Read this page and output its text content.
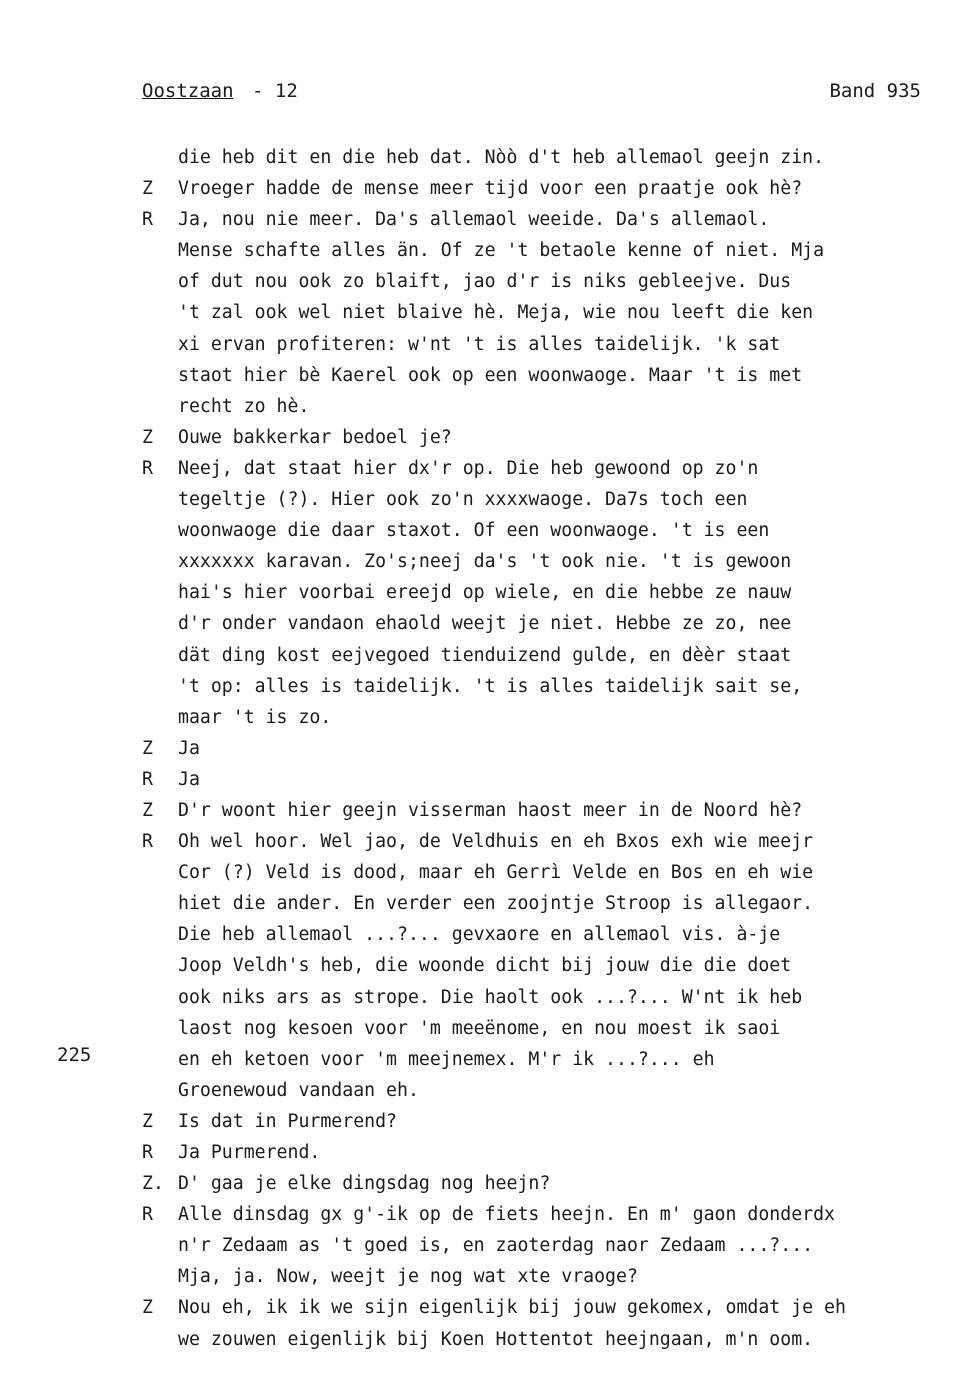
Oostzaan - 12	Band 935
225
die heb dit en die heb dat. Nòò d't heb allemaol geejn zin.
Z	Vroeger hadde de mense meer tijd voor een praatje ook hè?
R	Ja, nou nie meer. Da's allemaol weeide. Da's allemaol.
Mense schafte alles än. Of ze 't betaole kenne of niet. Mja
of dut nou ook zo blaift, jao d'r is niks gebleejve. Dus
't zal ook wel niet blaive hè. Meja, wie nou leeft die ken
xi ervan profiteren: w'nt 't is alles taidelijk. 'k sat
staot hier bè Kaerel ook op een woonwaoge. Maar 't is met
recht zo hè.
Z	Ouwe bakkerkar bedoel je?
R	Neej, dat staat hier dx'r op. Die heb gewoond op zo'n
tegeltje (?). Hier ook zo'n xxxxwaoge. Da7s toch een
woonwaoge die daar staxot. Of een woonwaoge. 't is een
xxxxxxx karavan. Zo's;neej da's 't ook nie. 't is gewoon
hai's hier voorbai ereejd op wiele, en die hebbe ze nauw
d'r onder vandaon ehaold weejt je niet. Hebbe ze zo, nee
dät ding kost eejvegoed tienduizend gulde, en dèèr staat
't op: alles is taidelijk. 't is alles taidelijk sait se,
maar 't is zo.
Z	Ja
R	Ja
Z	D'r woont hier geejn visserman haost meer in de Noord hè?
R	Oh wel hoor. Wel jao, de Veldhuis en eh Bxos exh wie meejr
Cor (?) Veld is dood, maar eh Gerrì Velde en Bos en eh wie
hiet die ander. En verder een zoojntje Stroop is allegaor.
Die heb allemaol ...?... gevxaore en allemaol vis. à-je
Joop Veldh's heb, die woonde dicht bij jouw die die doet
ook niks ars as strope. Die haolt ook ...?... W'nt ik heb
laost nog kesoen voor 'm meeënome, en nou moest ik saoi
en eh ketoen voor 'm meejnemex. M'r ik ...?... eh
Groenewoud vandaan eh.
Z	Is dat in Purmerend?
R	Ja Purmerend.
Z. D' gaa je elke dingsdag nog heejn?
R	Alle dinsdag gx g'-ik op de fiets heejn. En m' gaon donderdx
n'r Zedaam as 't goed is, en zaoterdag naor Zedaam ...?...
Mja, ja. Now, weejt je nog wat xte vraoge?
Z	Nou eh, ik ik we sijn eigenlijk bij jouw gekomex, omdat je eh
we zouwen eigenlijk bij Koen Hottentot heejngaan, m'n oom.
